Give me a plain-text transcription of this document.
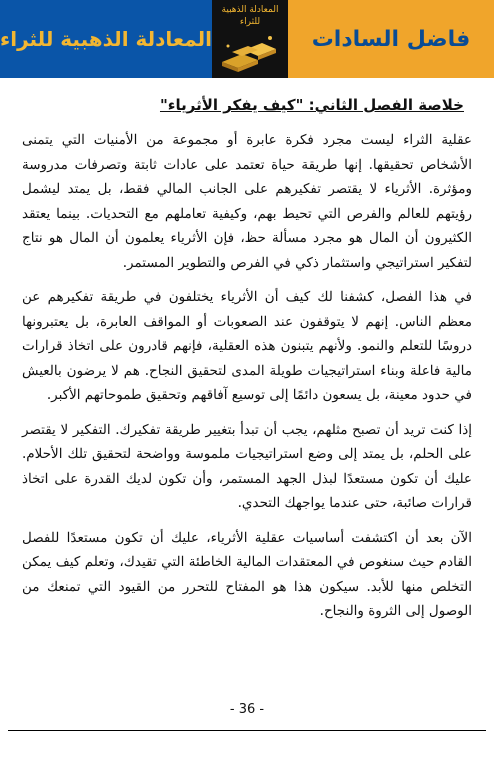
المعادلة الذهبية للثراء
المعادلة الذهبية للثراء
فاضل السادات
خلاصة الفصل الثاني: "كيف يفكر الأثرياء"

عقلية الثراء ليست مجرد فكرة عابرة أو مجموعة من الأمنيات التي يتمنى الأشخاص تحقيقها. إنها طريقة حياة تعتمد على عادات ثابتة وتصرفات مدروسة ومؤثرة. الأثرياء لا يقتصر تفكيرهم على الجانب المالي فقط، بل يمتد ليشمل رؤيتهم للعالم والفرص التي تحيط بهم، وكيفية تعاملهم مع التحديات. بينما يعتقد الكثيرون أن المال هو مجرد مسألة حظ، فإن الأثرياء يعلمون أن المال هو نتاج لتفكير استراتيجي واستثمار ذكي في الفرص والتطوير المستمر.

في هذا الفصل، كشفنا لك كيف أن الأثرياء يختلفون في طريقة تفكيرهم عن معظم الناس. إنهم لا يتوقفون عند الصعوبات أو المواقف العابرة، بل يعتبرونها دروسًا للتعلم والنمو. ولأنهم يتبنون هذه العقلية، فإنهم قادرون على اتخاذ قرارات مالية فاعلة وبناء استراتيجيات طويلة المدى لتحقيق النجاح. هم لا يرضون بالعيش في حدود معينة، بل يسعون دائمًا إلى توسيع آفاقهم وتحقيق طموحاتهم الأكبر.

إذا كنت تريد أن تصبح مثلهم، يجب أن تبدأ بتغيير طريقة تفكيرك. التفكير لا يقتصر على الحلم، بل يمتد إلى وضع استراتيجيات ملموسة وواضحة لتحقيق تلك الأحلام. عليك أن تكون مستعدًا لبذل الجهد المستمر، وأن تكون لديك القدرة على اتخاذ قرارات صائبة، حتى عندما يواجهك التحدي.

الآن بعد أن اكتشفت أساسيات عقلية الأثرياء، عليك أن تكون مستعدًا للفصل القادم حيث سنغوص في المعتقدات المالية الخاطئة التي تقيدك، وتعلم كيف يمكن التخلص منها للأبد. سيكون هذا هو المفتاح للتحرر من القيود التي تمنعك من الوصول إلى الثروة والنجاح.

- 36 -
